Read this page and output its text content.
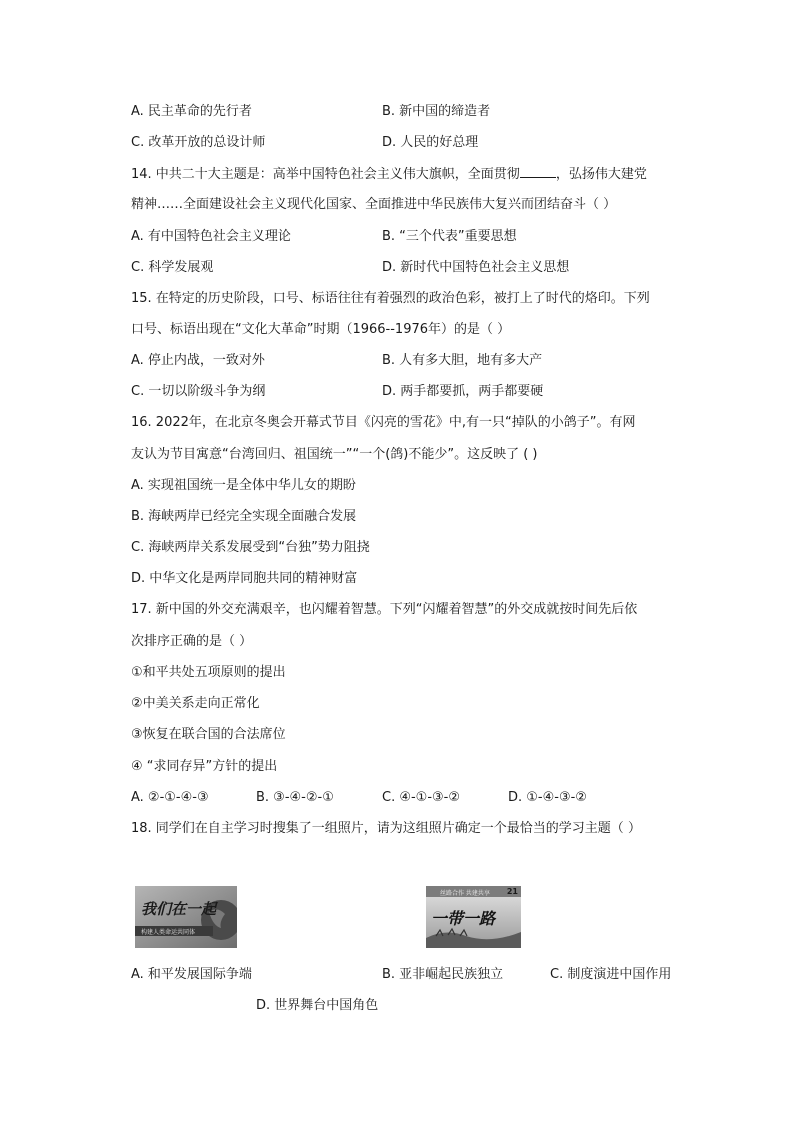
A. 民主革命的先行者	B. 新中国的缔造者
C. 改革开放的总设计师	D. 人民的好总理
14. 中共二十大主题是：高举中国特色社会主义伟大旗帜，全面贯彻	，弘扬伟大建党
精神……全面建设社会主义现代化国家、全面推进中华民族伟大复兴而团结奋斗（ ）
A. 有中国特色社会主义理论	B. “三个代表”重要思想
C. 科学发展观	D. 新时代中国特色社会主义思想
15. 在特定的历史阶段，口号、标语往往有着强烈的政治色彩，被打上了时代的烙印。下列
口号、标语出现在“文化大革命”时期（1966--1976年）的是（ ）
A. 停止内战，一致对外	B. 人有多大胆，地有多大产
C. 一切以阶级斗争为纲	D. 两手都要抓，两手都要硬
16. 2022年，在北京冬奥会开幕式节目《闪亮的雪花》中,有一只“掉队的小鸽子”。有网
友认为节目寓意“台湾回归、祖国统一”“一个(鸽)不能少”。这反映了 ( )
A. 实现祖国统一是全体中华儿女的期盼
B. 海峡两岸已经完全实现全面融合发展
C. 海峡两岸关系发展受到“台独”势力阻挠
D. 中华文化是两岸同胞共同的精神财富
17. 新中国的外交充满艰辛，也闪耀着智慧。下列“闪耀着智慧”的外交成就按时间先后依
次排序正确的是（ ）
①和平共处五项原则的提出
②中美关系走向正常化
③恢复在联合国的合法席位
④ “求同存异”方针的提出
A. ②-①-④-③	B. ③-④-②-①	C. ④-①-③-②	D. ①-④-③-②
18. 同学们在自主学习时搜集了一组照片，请为这组照片确定一个最恰当的学习主题（ ）
我们在一起
构建人类命运共同体
丝路合作 共建共享 21
一带一路
A. 和平发展国际争端	B. 亚非崛起民族独立	C. 制度演进中国作用
D. 世界舞台中国角色
